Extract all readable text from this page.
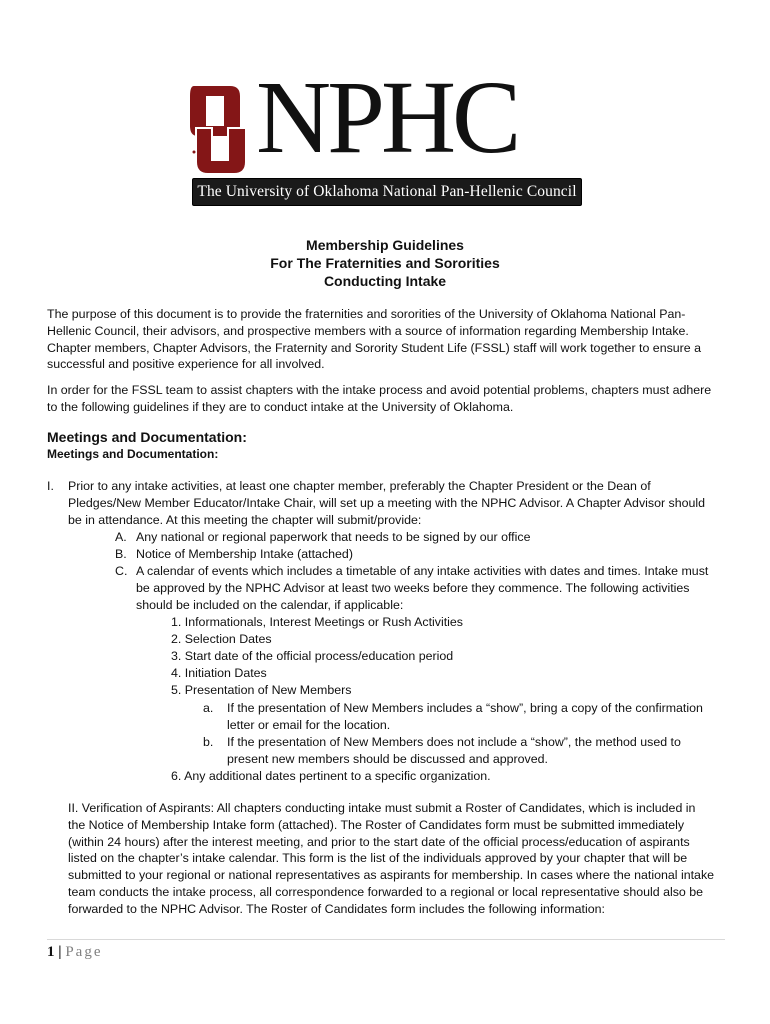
NPHC
The University of Oklahoma National Pan-Hellenic Council
Membership Guidelines
For The Fraternities and Sororities
Conducting Intake
The purpose of this document is to provide the fraternities and sororities of the University of Oklahoma National Pan-
Hellenic Council, their advisors, and prospective members with a source of information regarding Membership Intake.
Chapter members, Chapter Advisors, the Fraternity and Sorority Student Life (FSSL) staff will work together to ensure a
successful and positive experience for all involved.
In order for the FSSL team to assist chapters with the intake process and avoid potential problems, chapters must adhere
to the following guidelines if they are to conduct intake at the University of Oklahoma.
Meetings and Documentation:
Meetings and Documentation:
I. Prior to any intake activities, at least one chapter member, preferably the Chapter President or the Dean of
Pledges/New Member Educator/Intake Chair, will set up a meeting with the NPHC Advisor. A Chapter Advisor should
be in attendance. At this meeting the chapter will submit/provide:
A. Any national or regional paperwork that needs to be signed by our office
B. Notice of Membership Intake (attached)
C. A calendar of events which includes a timetable of any intake activities with dates and times. Intake must
be approved by the NPHC Advisor at least two weeks before they commence. The following activities
should be included on the calendar, if applicable:
1. Informationals, Interest Meetings or Rush Activities
2. Selection Dates
3. Start date of the official process/education period
4. Initiation Dates
5. Presentation of New Members
a. If the presentation of New Members includes a “show”, bring a copy of the confirmation
letter or email for the location.
b. If the presentation of New Members does not include a “show”, the method used to
present new members should be discussed and approved.
6. Any additional dates pertinent to a specific organization.
II. Verification of Aspirants: All chapters conducting intake must submit a Roster of Candidates, which is included in
the Notice of Membership Intake form (attached). The Roster of Candidates form must be submitted immediately
(within 24 hours) after the interest meeting, and prior to the start date of the official process/education of aspirants
listed on the chapter’s intake calendar. This form is the list of the individuals approved by your chapter that will be
submitted to your regional or national representatives as aspirants for membership. In cases where the national intake
team conducts the intake process, all correspondence forwarded to a regional or local representative should also be
forwarded to the NPHC Advisor. The Roster of Candidates form includes the following information:
1 | Page
